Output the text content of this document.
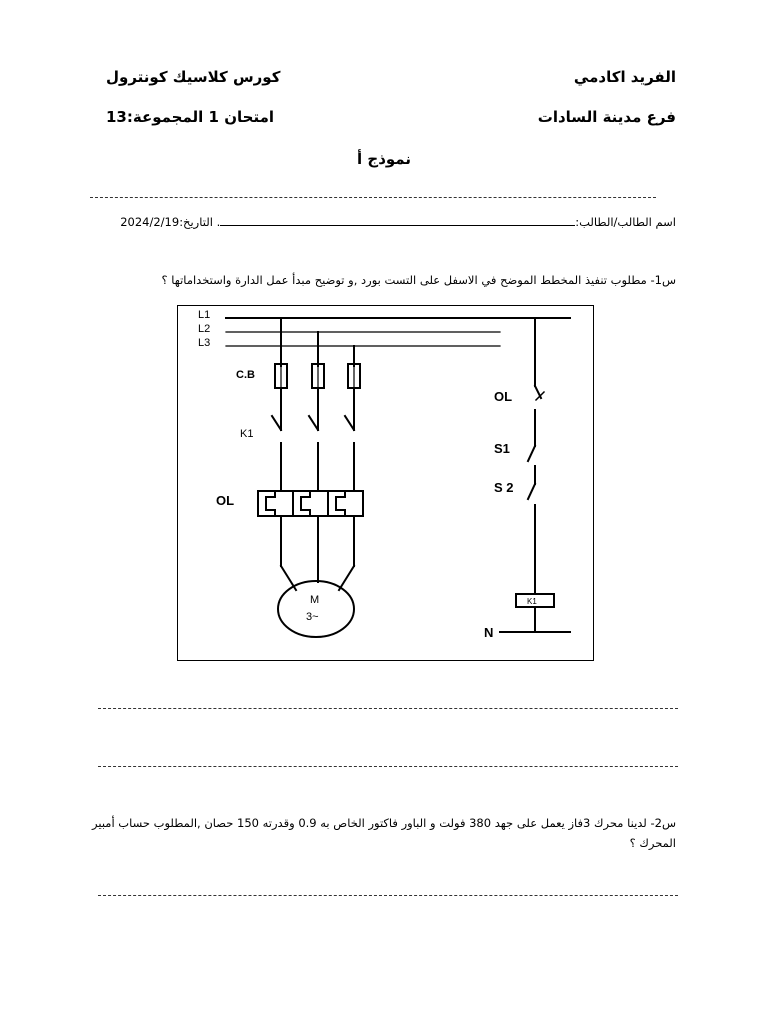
الفريد اكادمي
كورس كلاسيك كونترول
فرع مدينة السادات
امتحان 1 المجموعة:13
نموذج أ
اسم الطالب/الطالب:. التاريخ:2024/2/19
س1- مطلوب تنفيذ المخطط الموضح في الاسفل على التست بورد ,و توضيح مبدأ عمل الدارة واستخداماتها ؟
L1
L2
L3
C.B
K1
OL
M
3~
OL
S1
S 2
K1
N
س2- لدينا محرك 3فاز يعمل على جهد 380 فولت و الباور فاكتور الخاص به 0.9 وقدرته 150 حصان ,المطلوب حساب أمبير المحرك ؟
